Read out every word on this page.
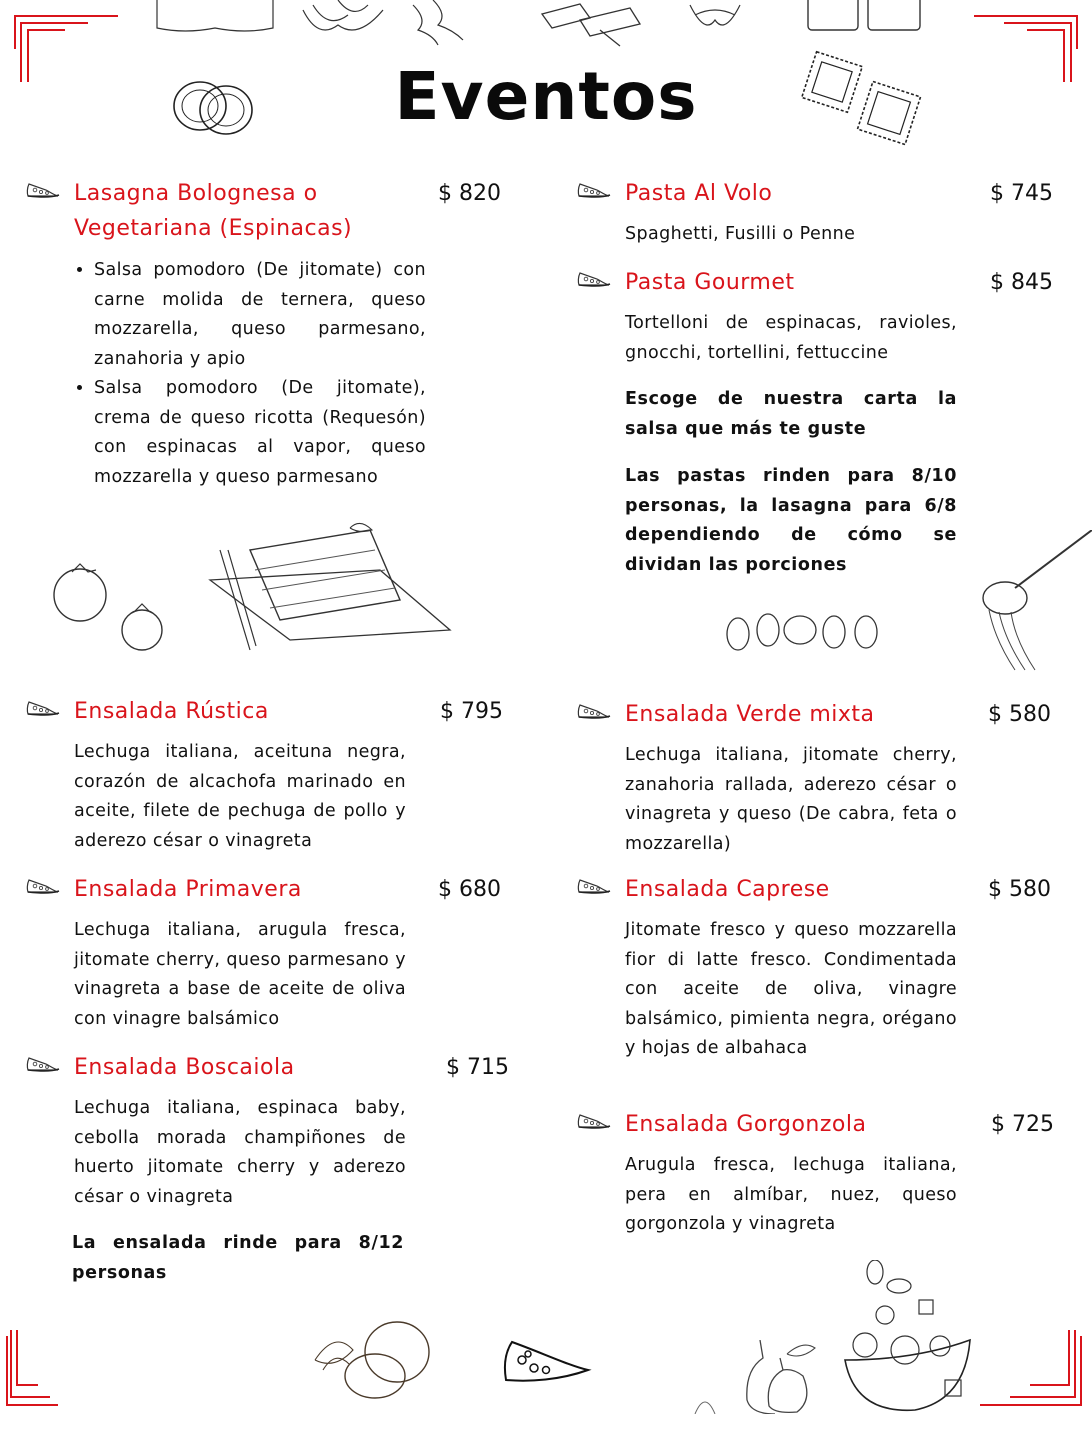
Eventos
Lasagna Bolognesa o Vegetariana (Espinacas)
$ 820
• Salsa pomodoro (De jitomate) con carne molida de ternera, queso mozzarella, queso parmesano, zanahoria y apio
• Salsa pomodoro (De jitomate), crema de queso ricotta (Requesón) con espinacas al vapor, queso mozzarella y queso parmesano
Ensalada Rústica	$ 795
Lechuga italiana, aceituna negra, corazón de alcachofa marinado en aceite, filete de pechuga de pollo y aderezo césar o vinagreta
Ensalada Primavera	$ 680
Lechuga italiana, arugula fresca, jitomate cherry, queso parmesano y vinagreta a base de aceite de oliva con vinagre balsámico
Ensalada Boscaiola	$ 715
Lechuga italiana, espinaca baby, cebolla morada champiñones de huerto jitomate cherry y aderezo césar o vinagreta
La ensalada rinde para 8/12 personas
Pasta Al Volo	$ 745
Spaghetti, Fusilli o Penne
Pasta Gourmet	$ 845
Tortelloni de espinacas, ravioles, gnocchi, tortellini, fettuccine
Escoge de nuestra carta la salsa que más te guste
Las pastas rinden para 8/10 personas, la lasagna para 6/8 dependiendo de cómo se dividan las porciones
Ensalada Verde mixta	$ 580
Lechuga italiana, jitomate cherry, zanahoria rallada, aderezo césar o vinagreta y queso (De cabra, feta o mozzarella)
Ensalada Caprese	$ 580
Jitomate fresco y queso mozzarella fior di latte fresco. Condimentada con aceite de oliva, vinagre balsámico, pimienta negra, orégano y hojas de albahaca
Ensalada Gorgonzola	$ 725
Arugula fresca, lechuga italiana, pera en almíbar, nuez, queso gorgonzola y vinagreta
